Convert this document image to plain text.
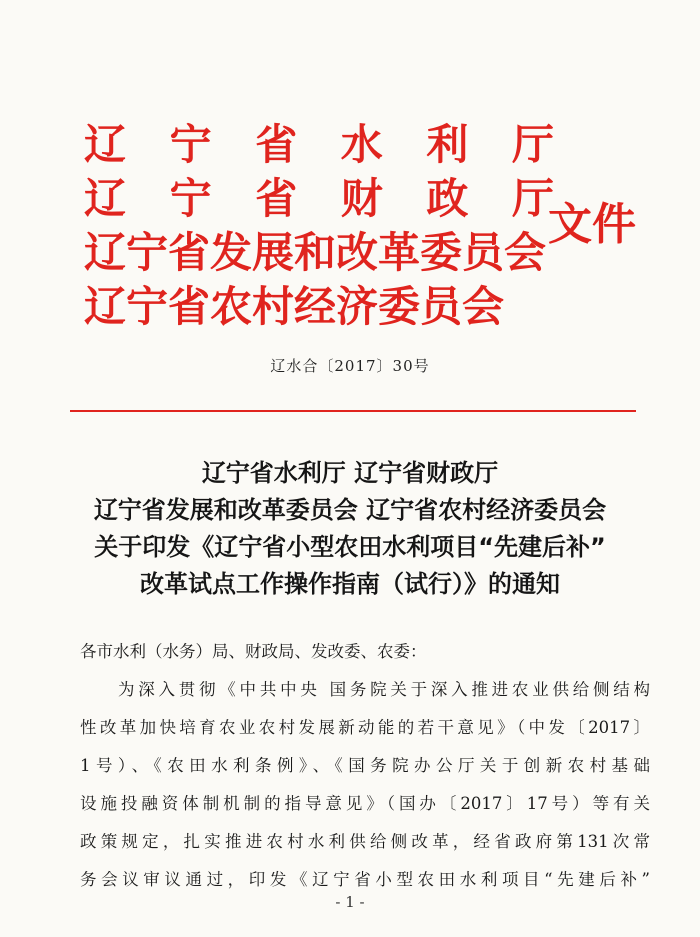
辽 宁 省 水 利 厅
辽 宁 省 财 政 厅
辽宁省发展和改革委员会
辽宁省农村经济委员会
文件
辽水合〔2017〕30号
辽宁省水利厅 辽宁省财政厅
辽宁省发展和改革委员会 辽宁省农村经济委员会
关于印发《辽宁省小型农田水利项目“先建后补”
改革试点工作操作指南（试行）》的通知
各市水利（水务）局、财政局、发改委、农委：
为深入贯彻《中共中央 国务院关于深入推进农业供给侧结构
性改革加快培育农业农村发展新动能的若干意见》（中发〔2017〕
1号）、《农田水利条例》、《国务院办公厅关于创新农村基础
设施投融资体制机制的指导意见》（国办〔2017〕17号）等有关
政策规定，扎实推进农村水利供给侧改革，经省政府第131次常
务会议审议通过，印发《辽宁省小型农田水利项目“先建后补”
- 1 -
